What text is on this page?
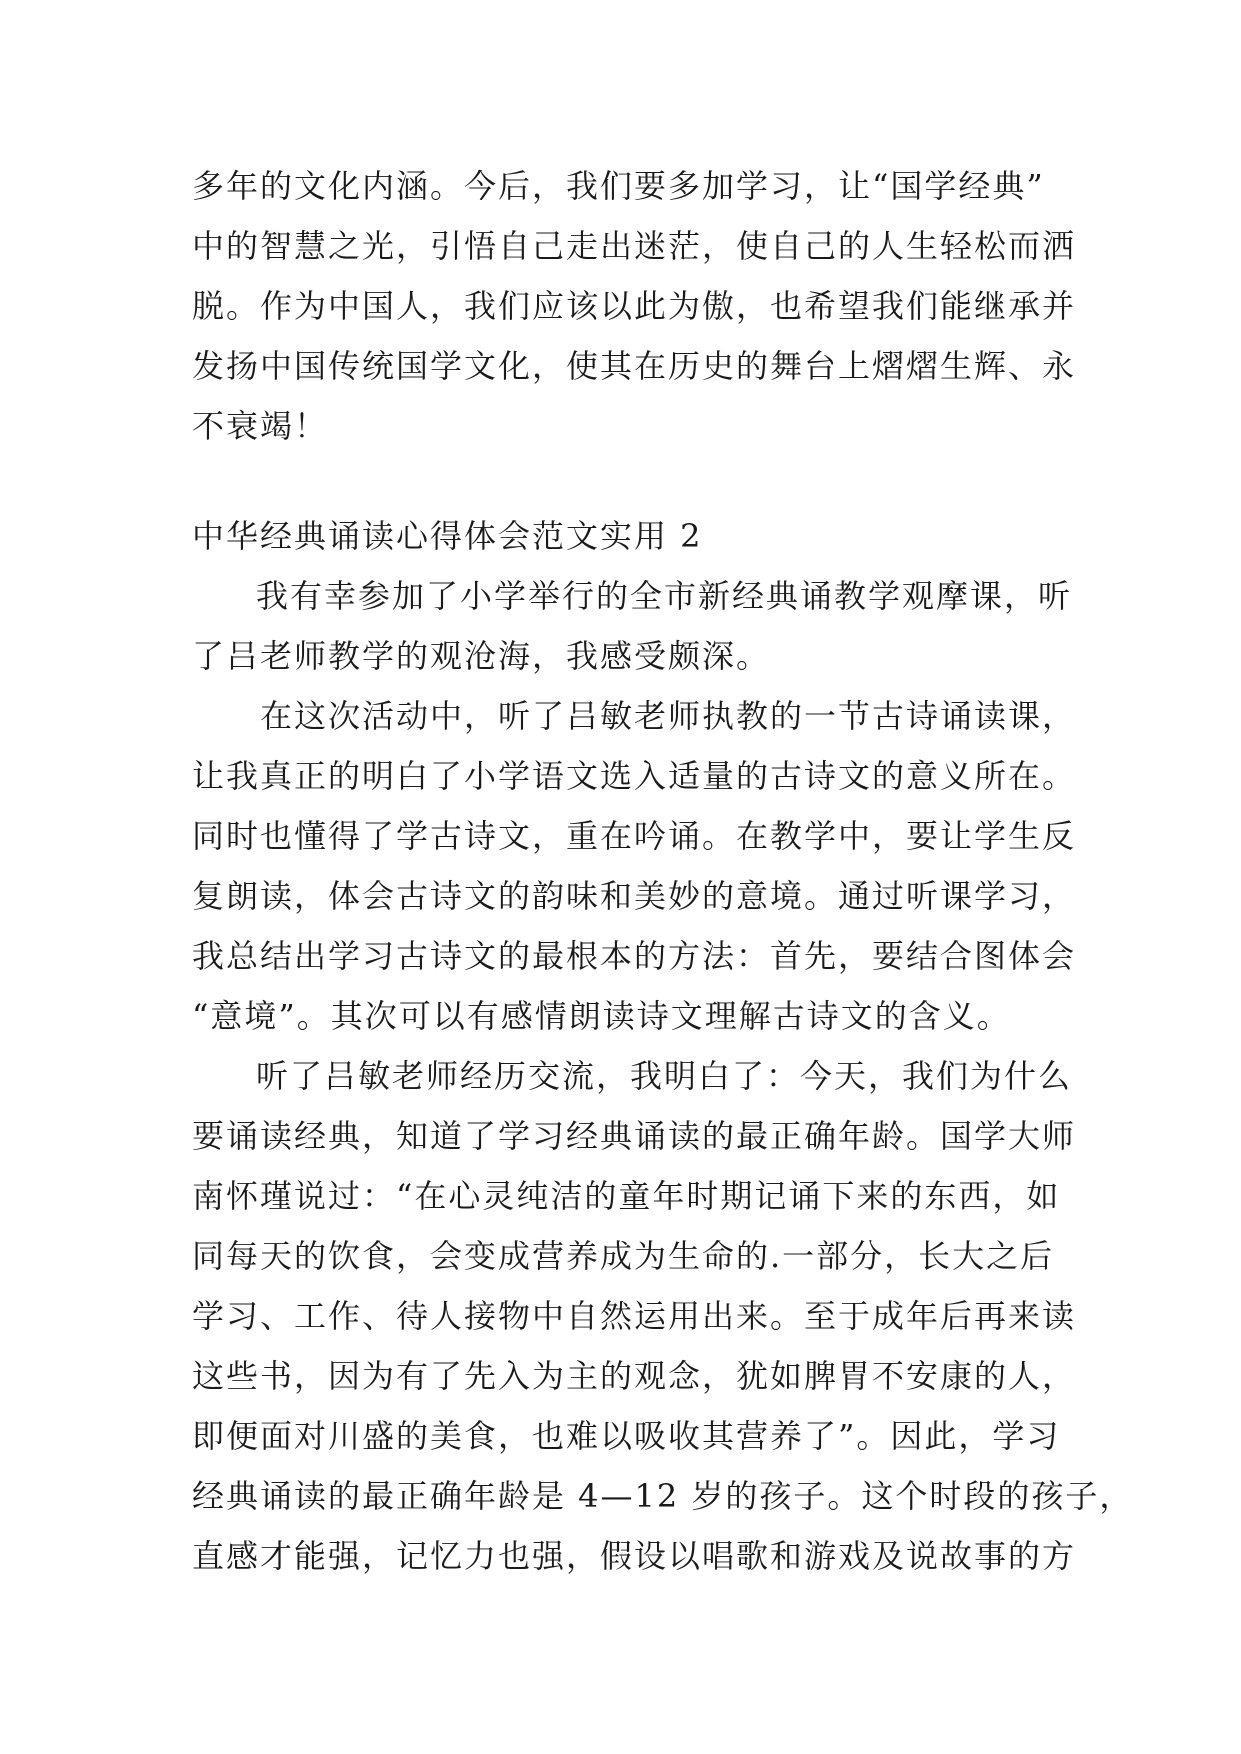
多年的文化内涵。今后，我们要多加学习，让“国学经典”
中的智慧之光，引悟自己走出迷茫，使自己的人生轻松而洒
脱。作为中国人，我们应该以此为傲，也希望我们能继承并
发扬中国传统国学文化，使其在历史的舞台上熠熠生辉、永
不衰竭！
中华经典诵读心得体会范文实用 2
我有幸参加了小学举行的全市新经典诵教学观摩课，听
了吕老师教学的观沧海，我感受颇深。
在这次活动中，听了吕敏老师执教的一节古诗诵读课，
让我真正的明白了小学语文选入适量的古诗文的意义所在。
同时也懂得了学古诗文，重在吟诵。在教学中，要让学生反
复朗读，体会古诗文的韵味和美妙的意境。通过听课学习，
我总结出学习古诗文的最根本的方法：首先，要结合图体会
“意境”。其次可以有感情朗读诗文理解古诗文的含义。
听了吕敏老师经历交流，我明白了：今天，我们为什么
要诵读经典，知道了学习经典诵读的最正确年龄。国学大师
南怀瑾说过：“在心灵纯洁的童年时期记诵下来的东西，如
同每天的饮食，会变成营养成为生命的.一部分，长大之后
学习、工作、待人接物中自然运用出来。至于成年后再来读
这些书，因为有了先入为主的观念，犹如脾胃不安康的人，
即便面对川盛的美食，也难以吸收其营养了”。因此，学习
经典诵读的最正确年龄是 4—12 岁的孩子。这个时段的孩子，
直感才能强，记忆力也强，假设以唱歌和游戏及说故事的方
